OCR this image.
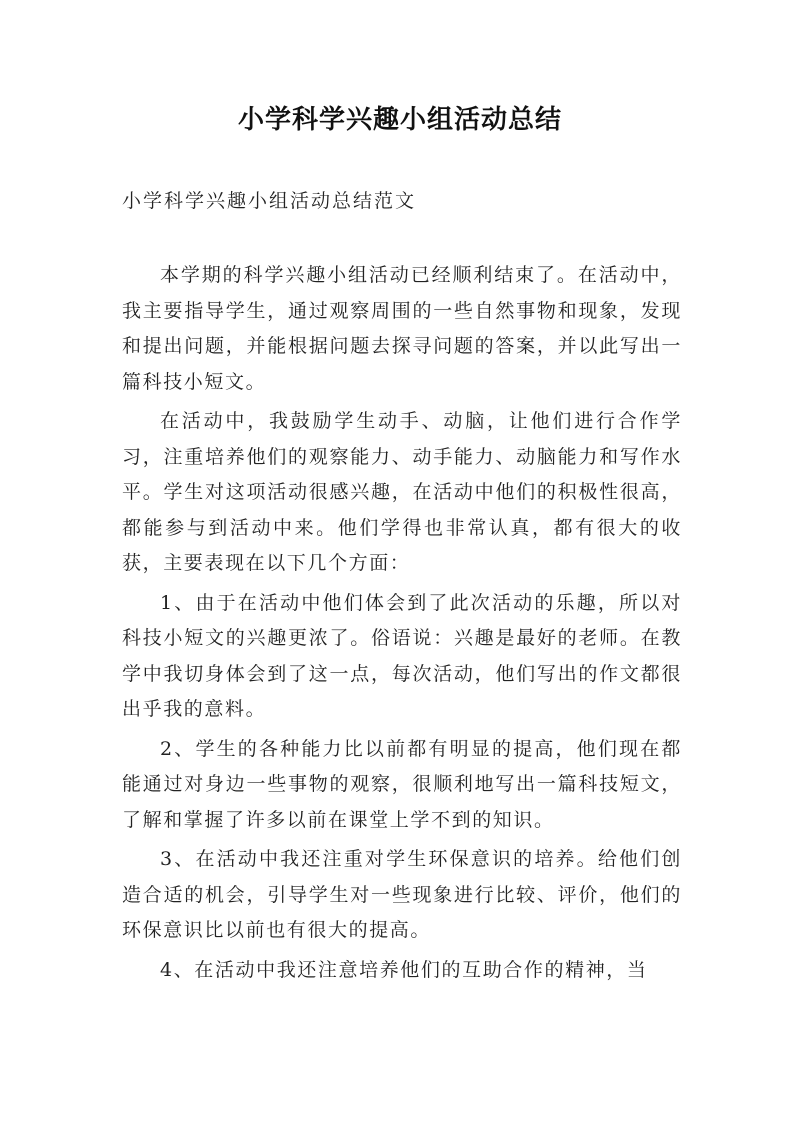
小学科学兴趣小组活动总结
小学科学兴趣小组活动总结范文

本学期的科学兴趣小组活动已经顺利结束了。在活动中，我主要指导学生，通过观察周围的一些自然事物和现象，发现和提出问题，并能根据问题去探寻问题的答案，并以此写出一篇科技小短文。

在活动中，我鼓励学生动手、动脑，让他们进行合作学习，注重培养他们的观察能力、动手能力、动脑能力和写作水平。学生对这项活动很感兴趣，在活动中他们的积极性很高，都能参与到活动中来。他们学得也非常认真，都有很大的收获，主要表现在以下几个方面：

1、由于在活动中他们体会到了此次活动的乐趣，所以对科技小短文的兴趣更浓了。俗语说：兴趣是最好的老师。在教学中我切身体会到了这一点，每次活动，他们写出的作文都很出乎我的意料。

2、学生的各种能力比以前都有明显的提高，他们现在都能通过对身边一些事物的观察，很顺利地写出一篇科技短文，了解和掌握了许多以前在课堂上学不到的知识。

3、在活动中我还注重对学生环保意识的培养。给他们创造合适的机会，引导学生对一些现象进行比较、评价，他们的环保意识比以前也有很大的提高。

4、在活动中我还注意培养他们的互助合作的精神，当
